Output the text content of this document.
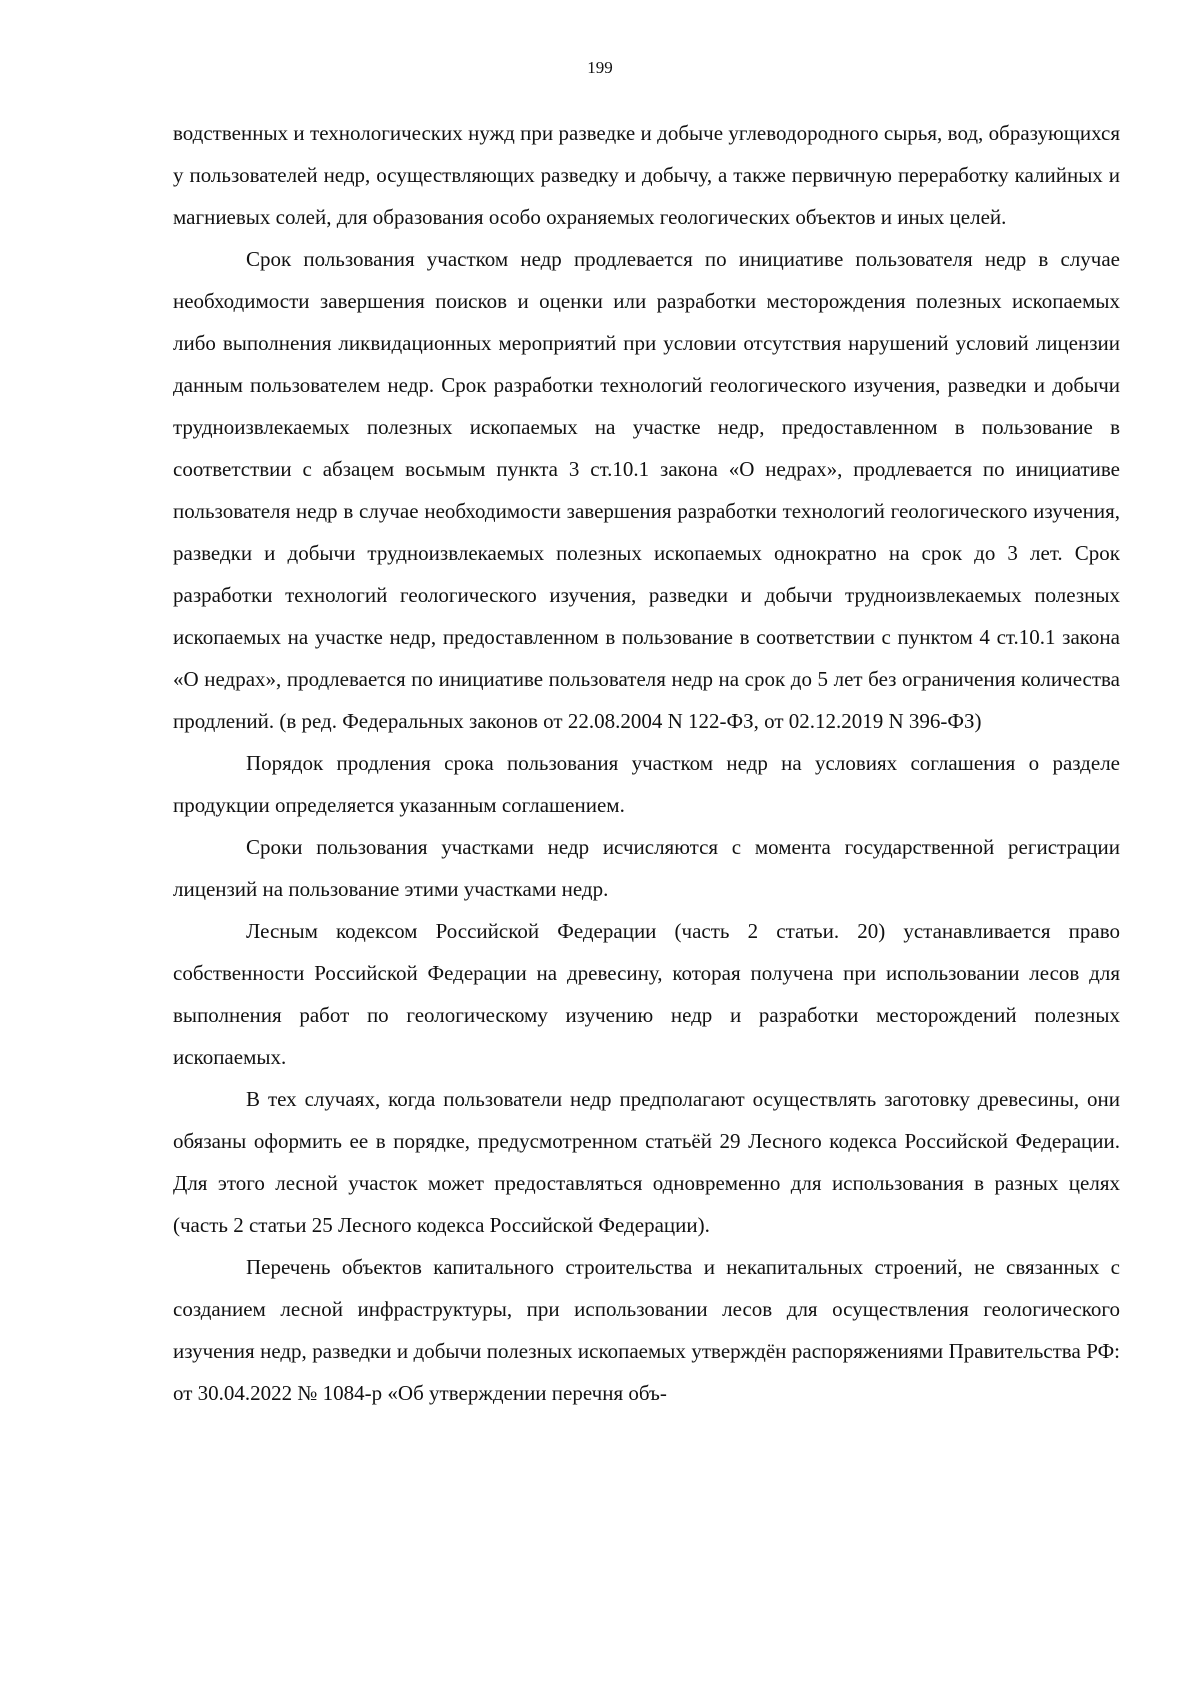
199

водственных и технологических нужд при разведке и добыче углеводородного сырья, вод, образующихся у пользователей недр, осуществляющих разведку и добычу, а также первичную переработку калийных и магниевых солей, для образования особо охраняемых геологических объектов и иных целей.

Срок пользования участком недр продлевается по инициативе пользователя недр в случае необходимости завершения поисков и оценки или разработки месторождения полезных ископаемых либо выполнения ликвидационных мероприятий при условии отсутствия нарушений условий лицензии данным пользователем недр. Срок разработки технологий геологического изучения, разведки и добычи трудноизвлекаемых полезных ископаемых на участке недр, предоставленном в пользование в соответствии с абзацем восьмым пункта 3 ст.10.1 закона «О недрах», продлевается по инициативе пользователя недр в случае необходимости завершения разработки технологий геологического изучения, разведки и добычи трудноизвлекаемых полезных ископаемых однократно на срок до 3 лет. Срок разработки технологий геологического изучения, разведки и добычи трудноизвлекаемых полезных ископаемых на участке недр, предоставленном в пользование в соответствии с пунктом 4 ст.10.1 закона «О недрах», продлевается по инициативе пользователя недр на срок до 5 лет без ограничения количества продлений. (в ред. Федеральных законов от 22.08.2004 N 122-ФЗ, от 02.12.2019 N 396-ФЗ)

Порядок продления срока пользования участком недр на условиях соглашения о разделе продукции определяется указанным соглашением.

Сроки пользования участками недр исчисляются с момента государственной регистрации лицензий на пользование этими участками недр.

Лесным кодексом Российской Федерации (часть 2 статьи. 20) устанавливается право собственности Российской Федерации на древесину, которая получена при использовании лесов для выполнения работ по геологическому изучению недр и разработки месторождений полезных ископаемых.

В тех случаях, когда пользователи недр предполагают осуществлять заготовку древесины, они обязаны оформить ее в порядке, предусмотренном статьёй 29 Лесного кодекса Российской Федерации. Для этого лесной участок может предоставляться одновременно для использования в разных целях (часть 2 статьи 25 Лесного кодекса Российской Федерации).

Перечень объектов капитального строительства и некапитальных строений, не связанных с созданием лесной инфраструктуры, при использовании лесов для осуществления геологического изучения недр, разведки и добычи полезных ископаемых утверждён распоряжениями Правительства РФ: от 30.04.2022 № 1084-р «Об утверждении перечня объ-
